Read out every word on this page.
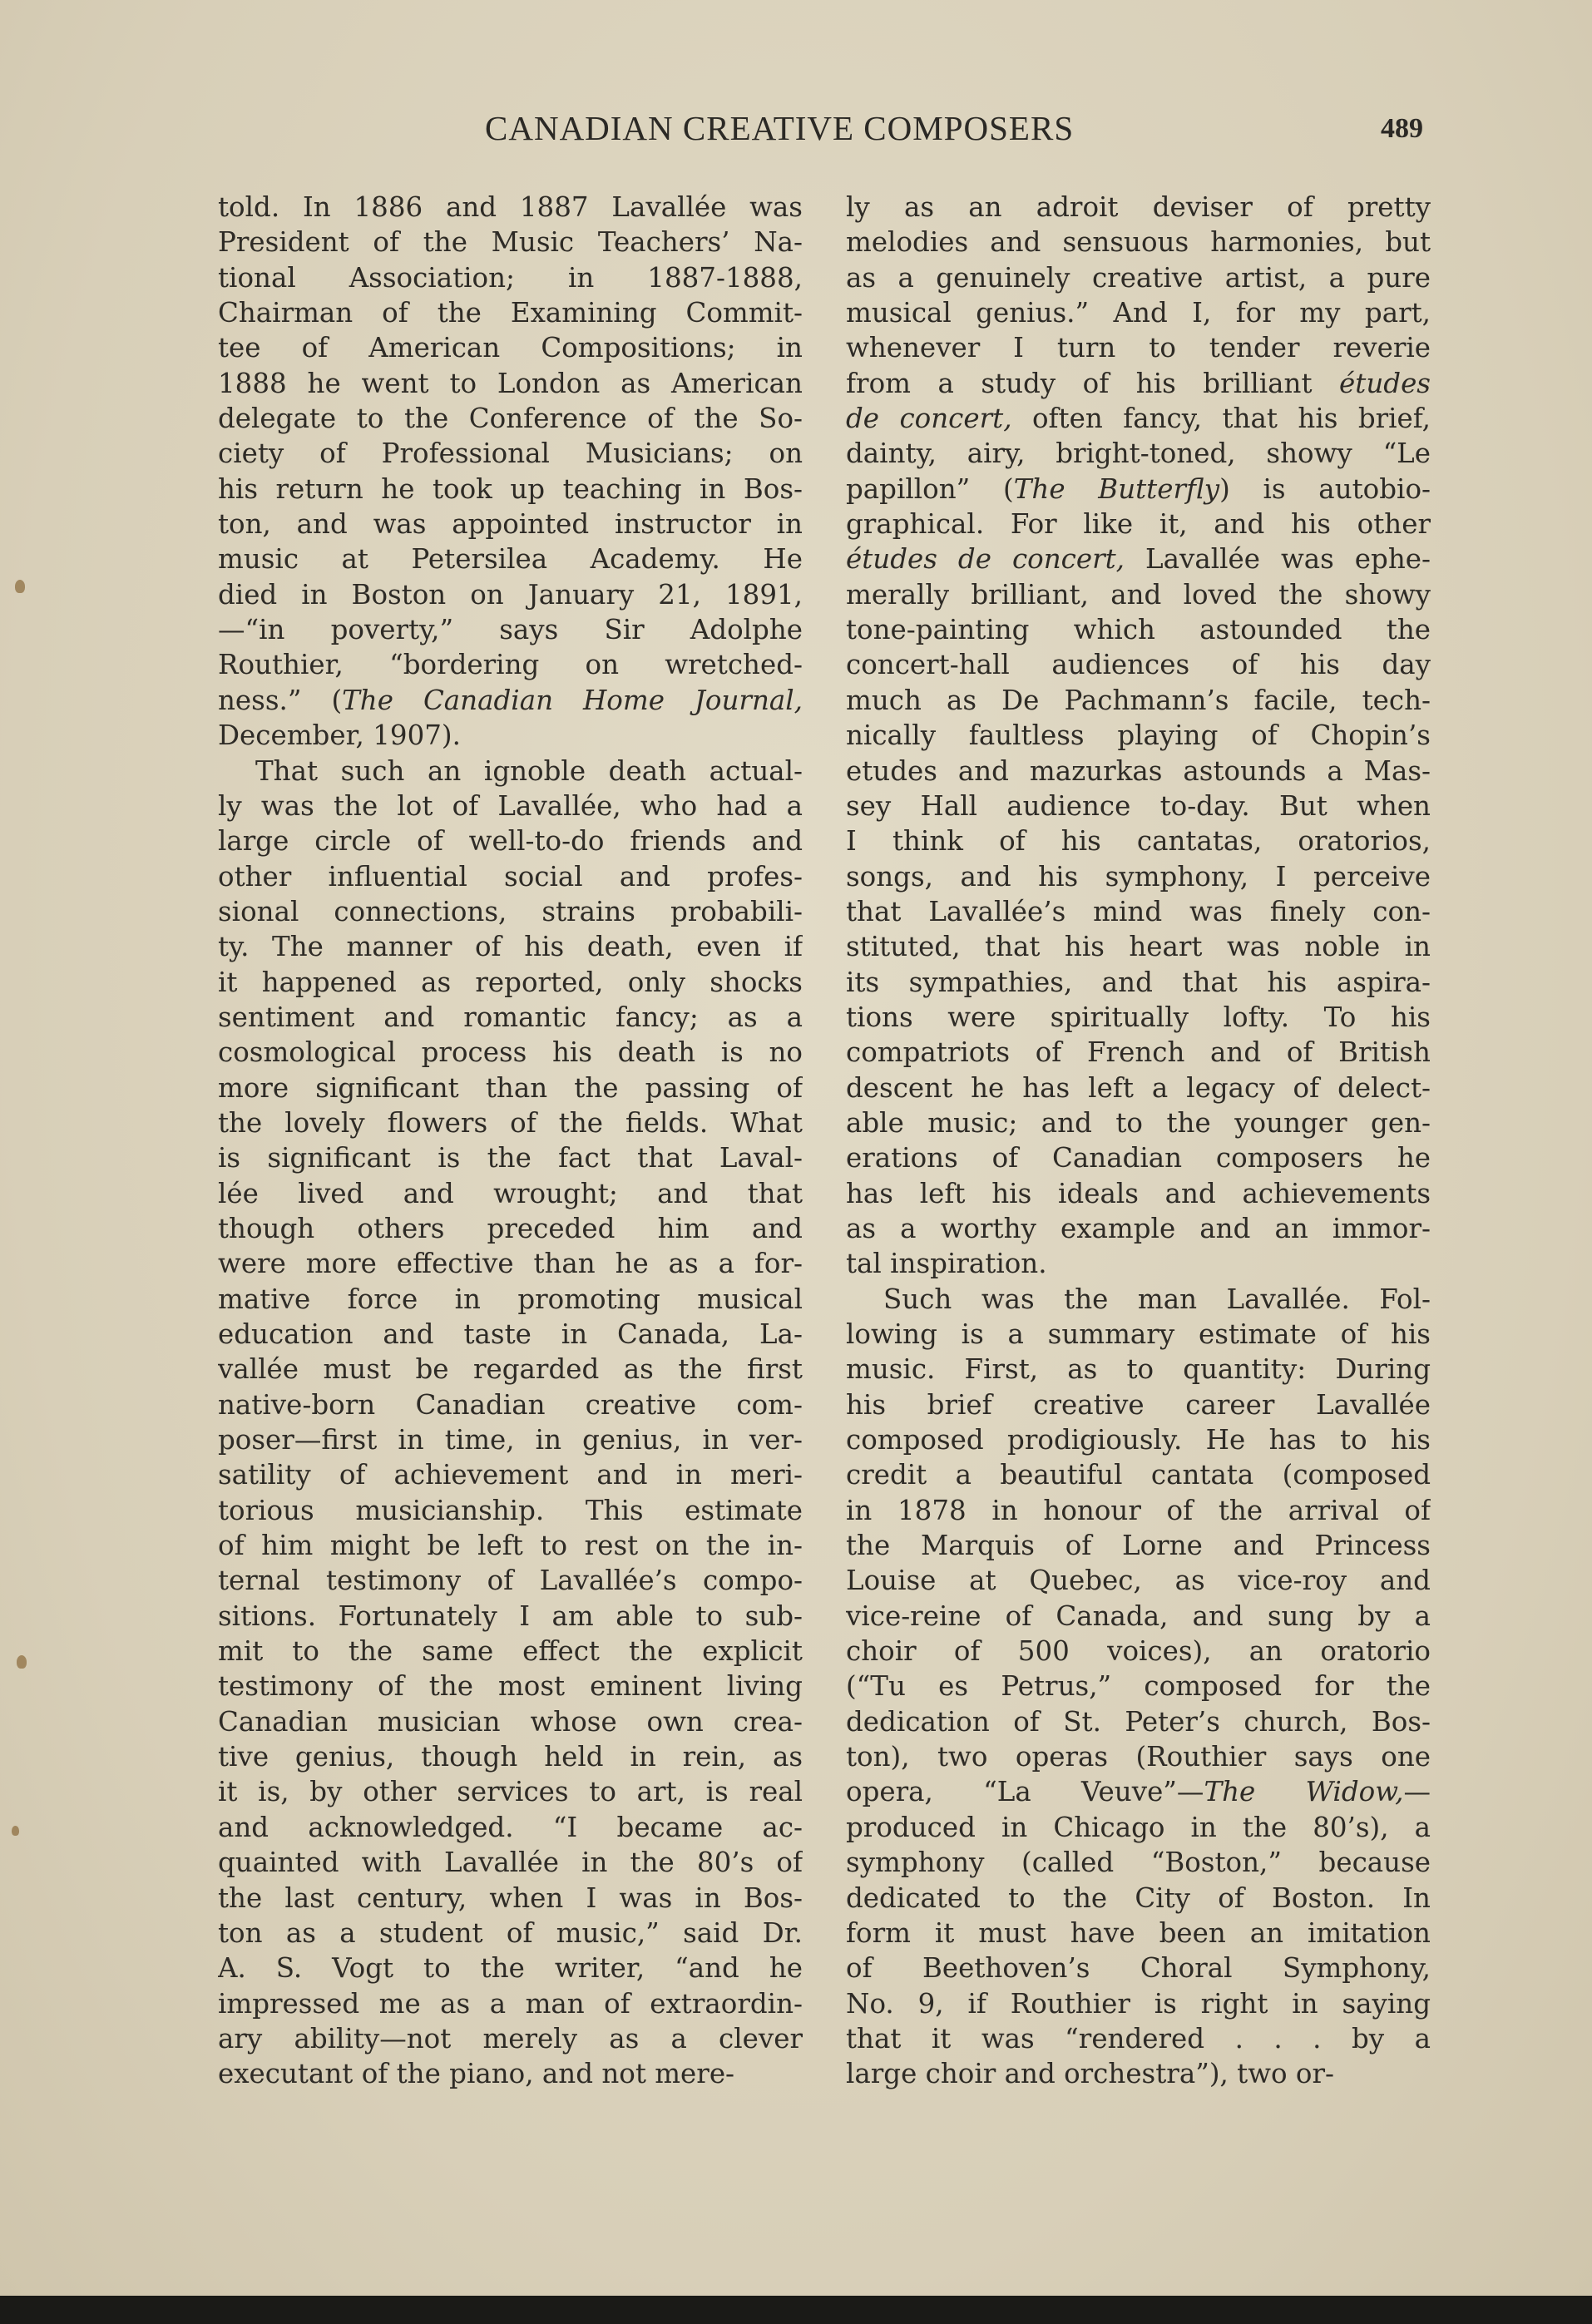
CANADIAN CREATIVE COMPOSERS	489
told. In 1886 and 1887 Lavallée was
President of the Music Teachers’ Na-
tional Association; in 1887-1888,
Chairman of the Examining Commit-
tee of American Compositions; in
1888 he went to London as American
delegate to the Conference of the So-
ciety of Professional Musicians; on
his return he took up teaching in Bos-
ton, and was appointed instructor in
music at Petersilea Academy. He
died in Boston on January 21, 1891,
—“in poverty,” says Sir Adolphe
Routhier, “bordering on wretched-
ness.” (The Canadian Home Journal,
December, 1907).
That such an ignoble death actual-
ly was the lot of Lavallée, who had a
large circle of well-to-do friends and
other influential social and profes-
sional connections, strains probabili-
ty. The manner of his death, even if
it happened as reported, only shocks
sentiment and romantic fancy; as a
cosmological process his death is no
more significant than the passing of
the lovely flowers of the fields. What
is significant is the fact that Laval-
lée lived and wrought; and that
though others preceded him and
were more effective than he as a for-
mative force in promoting musical
education and taste in Canada, La-
vallée must be regarded as the first
native-born Canadian creative com-
poser—first in time, in genius, in ver-
satility of achievement and in meri-
torious musicianship. This estimate
of him might be left to rest on the in-
ternal testimony of Lavallée’s compo-
sitions. Fortunately I am able to sub-
mit to the same effect the explicit
testimony of the most eminent living
Canadian musician whose own crea-
tive genius, though held in rein, as
it is, by other services to art, is real
and acknowledged. “I became ac-
quainted with Lavallée in the 80’s of
the last century, when I was in Bos-
ton as a student of music,” said Dr.
A. S. Vogt to the writer, “and he
impressed me as a man of extraordin-
ary ability—not merely as a clever
executant of the piano, and not mere-
ly as an adroit deviser of pretty
melodies and sensuous harmonies, but
as a genuinely creative artist, a pure
musical genius.” And I, for my part,
whenever I turn to tender reverie
from a study of his brilliant études
de concert, often fancy, that his brief,
dainty, airy, bright-toned, showy “Le
papillon” (The Butterfly) is autobio-
graphical. For like it, and his other
études de concert, Lavallée was ephe-
merally brilliant, and loved the showy
tone-painting which astounded the
concert-hall audiences of his day
much as De Pachmann’s facile, tech-
nically faultless playing of Chopin’s
etudes and mazurkas astounds a Mas-
sey Hall audience to-day. But when
I think of his cantatas, oratorios,
songs, and his symphony, I perceive
that Lavallée’s mind was finely con-
stituted, that his heart was noble in
its sympathies, and that his aspira-
tions were spiritually lofty. To his
compatriots of French and of British
descent he has left a legacy of delect-
able music; and to the younger gen-
erations of Canadian composers he
has left his ideals and achievements
as a worthy example and an immor-
tal inspiration.
Such was the man Lavallée. Fol-
lowing is a summary estimate of his
music. First, as to quantity: During
his brief creative career Lavallée
composed prodigiously. He has to his
credit a beautiful cantata (composed
in 1878 in honour of the arrival of
the Marquis of Lorne and Princess
Louise at Quebec, as vice-roy and
vice-reine of Canada, and sung by a
choir of 500 voices), an oratorio
(“Tu es Petrus,” composed for the
dedication of St. Peter’s church, Bos-
ton), two operas (Routhier says one
opera, “La Veuve”—The Widow,—
produced in Chicago in the 80’s), a
symphony (called “Boston,” because
dedicated to the City of Boston. In
form it must have been an imitation
of Beethoven’s Choral Symphony,
No. 9, if Routhier is right in saying
that it was “rendered . . . by a
large choir and orchestra”), two or-
